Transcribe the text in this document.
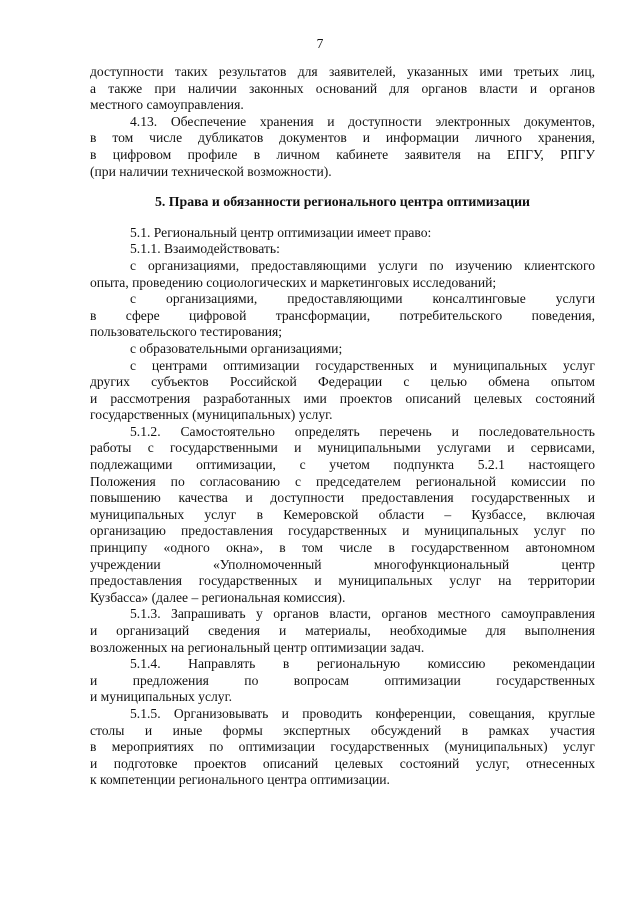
7
доступности таких результатов для заявителей, указанных ими третьих лиц,
а также при наличии законных оснований для органов власти и органов
местного самоуправления.
4.13. Обеспечение хранения и доступности электронных документов,
в том числе дубликатов документов и информации личного хранения,
в цифровом профиле в личном кабинете заявителя на ЕПГУ, РПГУ
(при наличии технической возможности).
5. Права и обязанности регионального центра оптимизации
5.1. Региональный центр оптимизации имеет право:
5.1.1. Взаимодействовать:
с организациями, предоставляющими услуги по изучению клиентского
опыта, проведению социологических и маркетинговых исследований;
с организациями, предоставляющими консалтинговые услуги
в сфере цифровой трансформации, потребительского поведения,
пользовательского тестирования;
с образовательными организациями;
с центрами оптимизации государственных и муниципальных услуг
других субъектов Российской Федерации с целью обмена опытом
и рассмотрения разработанных ими проектов описаний целевых состояний
государственных (муниципальных) услуг.
5.1.2. Самостоятельно определять перечень и последовательность
работы с государственными и муниципальными услугами и сервисами,
подлежащими оптимизации, с учетом подпункта 5.2.1 настоящего
Положения по согласованию с председателем региональной комиссии по
повышению качества и доступности предоставления государственных и
муниципальных услуг в Кемеровской области – Кузбассе, включая
организацию предоставления государственных и муниципальных услуг по
принципу «одного окна», в том числе в государственном автономном
учреждении «Уполномоченный многофункциональный центр
предоставления государственных и муниципальных услуг на территории
Кузбасса» (далее – региональная комиссия).
5.1.3. Запрашивать у органов власти, органов местного самоуправления
и организаций сведения и материалы, необходимые для выполнения
возложенных на региональный центр оптимизации задач.
5.1.4. Направлять в региональную комиссию рекомендации
и предложения по вопросам оптимизации государственных
и муниципальных услуг.
5.1.5. Организовывать и проводить конференции, совещания, круглые
столы и иные формы экспертных обсуждений в рамках участия
в мероприятиях по оптимизации государственных (муниципальных) услуг
и подготовке проектов описаний целевых состояний услуг, отнесенных
к компетенции регионального центра оптимизации.
